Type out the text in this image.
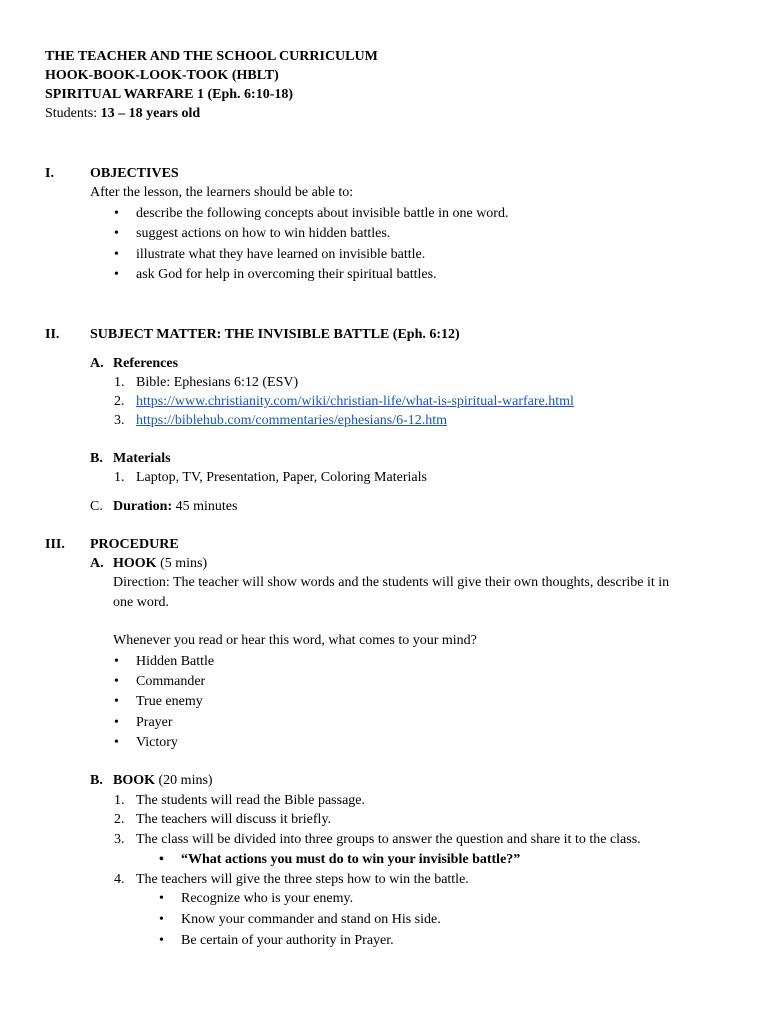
THE TEACHER AND THE SCHOOL CURRICULUM
HOOK-BOOK-LOOK-TOOK (HBLT)
SPIRITUAL WARFARE 1 (Eph. 6:10-18)
Students: 13 – 18 years old
I.	OBJECTIVES
After the lesson, the learners should be able to:
• describe the following concepts about invisible battle in one word.
• suggest actions on how to win hidden battles.
• illustrate what they have learned on invisible battle.
• ask God for help in overcoming their spiritual battles.
II. SUBJECT MATTER: THE INVISIBLE BATTLE (Eph. 6:12)
A. References
1. Bible: Ephesians 6:12 (ESV)
2. https://www.christianity.com/wiki/christian-life/what-is-spiritual-warfare.html
3. https://biblehub.com/commentaries/ephesians/6-12.htm
B. Materials
1. Laptop, TV, Presentation, Paper, Coloring Materials
C. Duration: 45 minutes
III. PROCEDURE
A. HOOK (5 mins)
Direction: The teacher will show words and the students will give their own thoughts, describe it in
one word.
Whenever you read or hear this word, what comes to your mind?
• Hidden Battle
• Commander
• True enemy
• Prayer
• Victory
B. BOOK (20 mins)
1. The students will read the Bible passage.
2. The teachers will discuss it briefly.
3. The class will be divided into three groups to answer the question and share it to the class.
• “What actions you must do to win your invisible battle?”
4. The teachers will give the three steps how to win the battle.
• Recognize who is your enemy.
• Know your commander and stand on His side.
• Be certain of your authority in Prayer.
